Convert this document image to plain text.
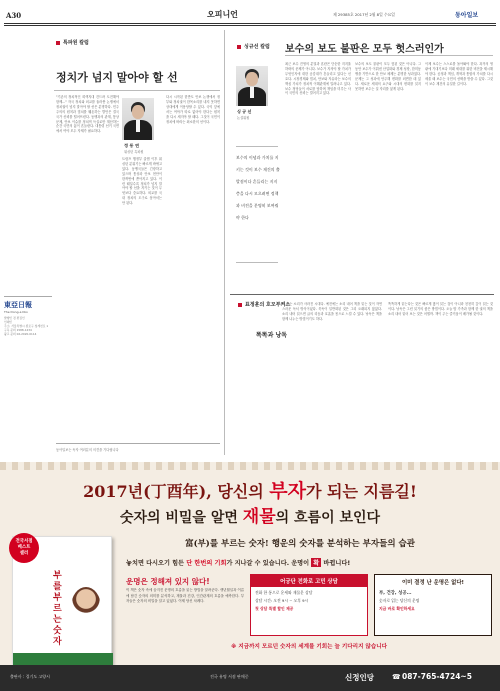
A30	오피니언	제 29385호 2017년 2월 8일 수요일	동아일보
특파원 칼럼
정치가 넘지 말아야 할 선
"기존의 정치적인 회색지대 건드려 도전해야 함께..." 자국 정치와 외교를 둘러싼 논쟁에서 정치권이 넘지 말아야 할 선은 분명하다. 민주주의의 원칙과 법치를 훼손하는 발언은 결국 국가 신뢰를 떨어뜨린다. 동맹과의 관계, 통상 문제, 안보 이슈를 정치적 득실로만 계산하는 순간 국민의 삶이 흔들린다. 대통령 선거 국면에서 여야 모두 자제가 필요하다.
정 동 연
워싱턴 특파원
트럼프 행정부 출범 이후 워싱턴 분위기는 빠르게 바뀌고 있다. 동맹국들은 긴장하고 있으며 통상과 안보 현안이 한꺼번에 쏟아지고 있다. 이런 때일수록 정치가 넘지 말아야 할 선을 지키는 것이 무엇보다 중요하다. 외교를 국내 정치의 도구로 삼아서는 안 된다.
다시 시작된 한반도 안보 논쟁에서 정부와 정치권이 한목소리를 내지 못하면 상대에게 이용당할 수 있다. 국익 앞에서는 여야가 따로 없어야 한다는 원칙을 다시 새겨야 할 때다. 그것이 국민이 정치에 바라는 최소한의 선이다.
東亞日報
The Dong-a Ilbo
발행인 겸 편집인
인쇄인
주소: 서울특별시 종로구 청계천로 1
구독 문의 1588-1234
광고 문의 02-2020-0114
동아일보는 독자 여러분의 의견을 기다립니다
싱규선 칼럼 보수의 보도 불판은 모두 헛스러인가
싱 규 선
논설위원
보수의 이념과 가치를 지키는 것이 보수 재건의 출발점이다 흔들리는 지지층을 다시 모으려면 정책과 비전을 분명히 보여줘야 한다
최근 보수 진영의 분열과 혼란은 단순한 지지율 하락의 문제가 아니다. 보수가 지켜야 할 가치가 무엇인지에 대한 공감대가 흔들리고 있다는 신호다. 시장경제와 법치, 안보와 자유라는 보수의 핵심 가치가 정치적 이해관계에 밀려나고 있다. 보수 정당들이 서로를 탓하며 책임을 미루는 사이 국민의 신뢰는 멀어지고 있다.
보수의 보도 불판이 모두 헛된 것은 아니다. 그동안 보수가 이뤄낸 산업화와 경제 성장, 한미동맹을 기반으로 한 안보 체제는 분명한 성과였다. 문제는 그 성과에 안주해 변화를 외면한 데 있다. 새로운 세대의 요구와 시대의 변화를 읽지 못하면 보수는 설 자리를 잃게 된다.
이제 보수는 스스로를 돌아봐야 한다. 과거의 영광에 기대기보다 미래 세대를 위한 비전을 제시해야 한다. 공정과 책임, 개혁과 통합의 가치를 다시 세울 때 보수는 국민의 선택을 받을 수 있다. 그것이 보수 재건의 유일한 길이다.
표정훈의 호모부커스
똑똑과 낭독
책 읽는 소리가 사라진 시대다. 예전에는 소리 내어 책을 읽는 것이 자연스러운 독서 방식이었다. 묵독이 일반화된 것은 그리 오래되지 않았다. 소리 내어 읽으면 글의 리듬과 호흡을 몸으로 느낄 수 있다. 낭독은 책을 함께 나누는 방법이기도 하다.
똑똑하게 읽는다는 것은 빠르게 많이 읽는 것이 아니라 천천히 깊이 읽는 것이다. 낭독은 그런 읽기의 좋은 방법이다. 오늘 밤 가족과 함께 한 권의 책을 소리 내어 읽어 보는 것은 어떨까. 책이 주는 즐거움이 배가될 것이다.
2017년(丁酉年), 당신의 부자가 되는 지름길!
숫자의 비밀을 알면 재물의 흐름이 보인다
전국서점
베스트
셀러
부를 부르는 숫자
富(부)를 부르는 숫자! 행운의 숫자를 분석하는 부자들의 습관
놓치면 다시오기 힘든 단 한번의 기회가 지나갈 수 있습니다. 운명이 확 바뀝니다!
운명은 정해져 있지 않다!
이 책은 숫자 속에 숨겨진 운명의 흐름을 읽는 방법을 알려준다. 생년월일과 이름에 담긴 숫자의 의미를 분석하고, 재물과 건강, 인간관계의 흐름을 예측한다. 부자들은 숫자의 비밀을 알고 있었다. 이제 당신 차례다.
어궁단 전화로 고민 상담
전화 한 통으로 운세와 재물운 상담
상담 시간: 오전 9시 ~ 오후 9시
첫 상담 특별 할인 제공
이미 결정 난 운명은 없다!
부, 건강, 성공...
숫자로 읽는 당신의 운명
지금 바로 확인하세요
※ 지금까지 모르던 숫자의 세계를 기회는 늘 기다리지 않습니다
출판사 : 경기도 고양시	전국 유명 서점 판매중	신정인당	☎ 087-765-4724~5
